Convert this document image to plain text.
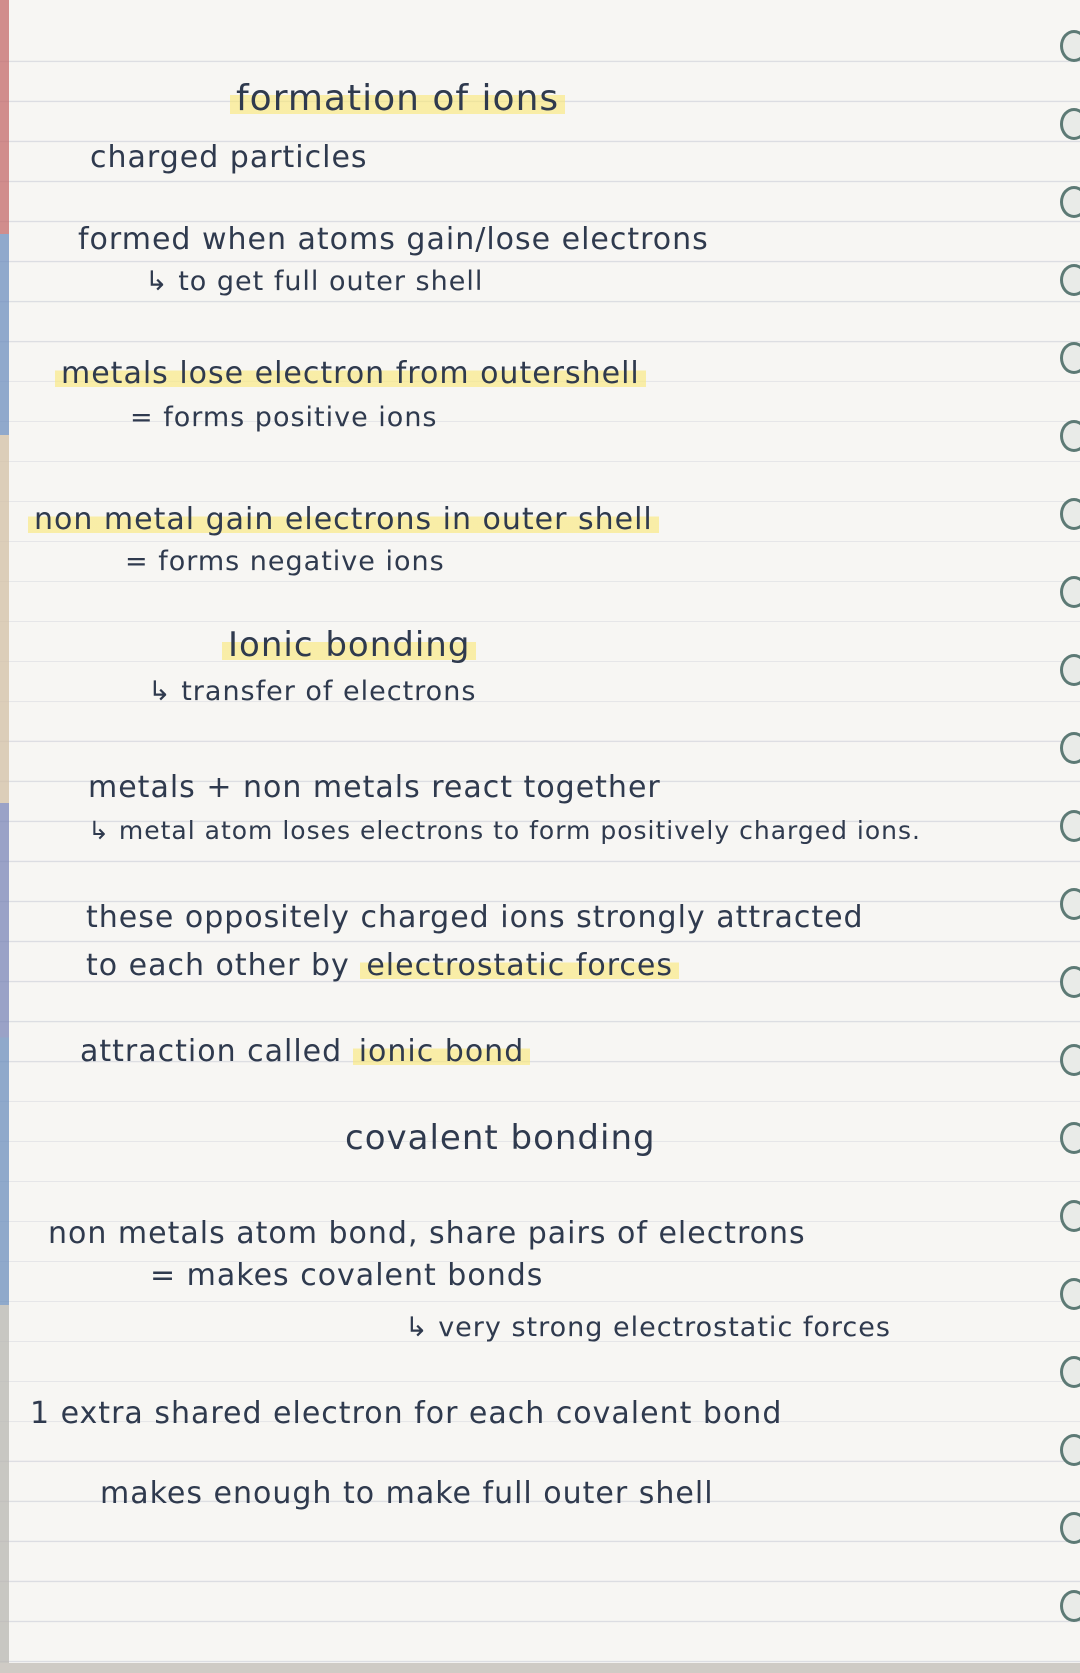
formation of ions
charged particles
formed when atoms gain/lose electrons
↳ to get full outer shell
metals lose electron from outershell
= forms positive ions
non metal gain electrons in outer shell
= forms negative ions
Ionic bonding
↳ transfer of electrons
metals + non metals react together
↳ metal atom loses electrons to form positively charged ions.
these oppositely charged ions strongly attracted
to each other by electrostatic forces
attraction called ionic bond
covalent bonding
non metals atom bond, share pairs of electrons
= makes covalent bonds
↳ very strong electrostatic forces
1 extra shared electron for each covalent bond
makes enough to make full outer shell
